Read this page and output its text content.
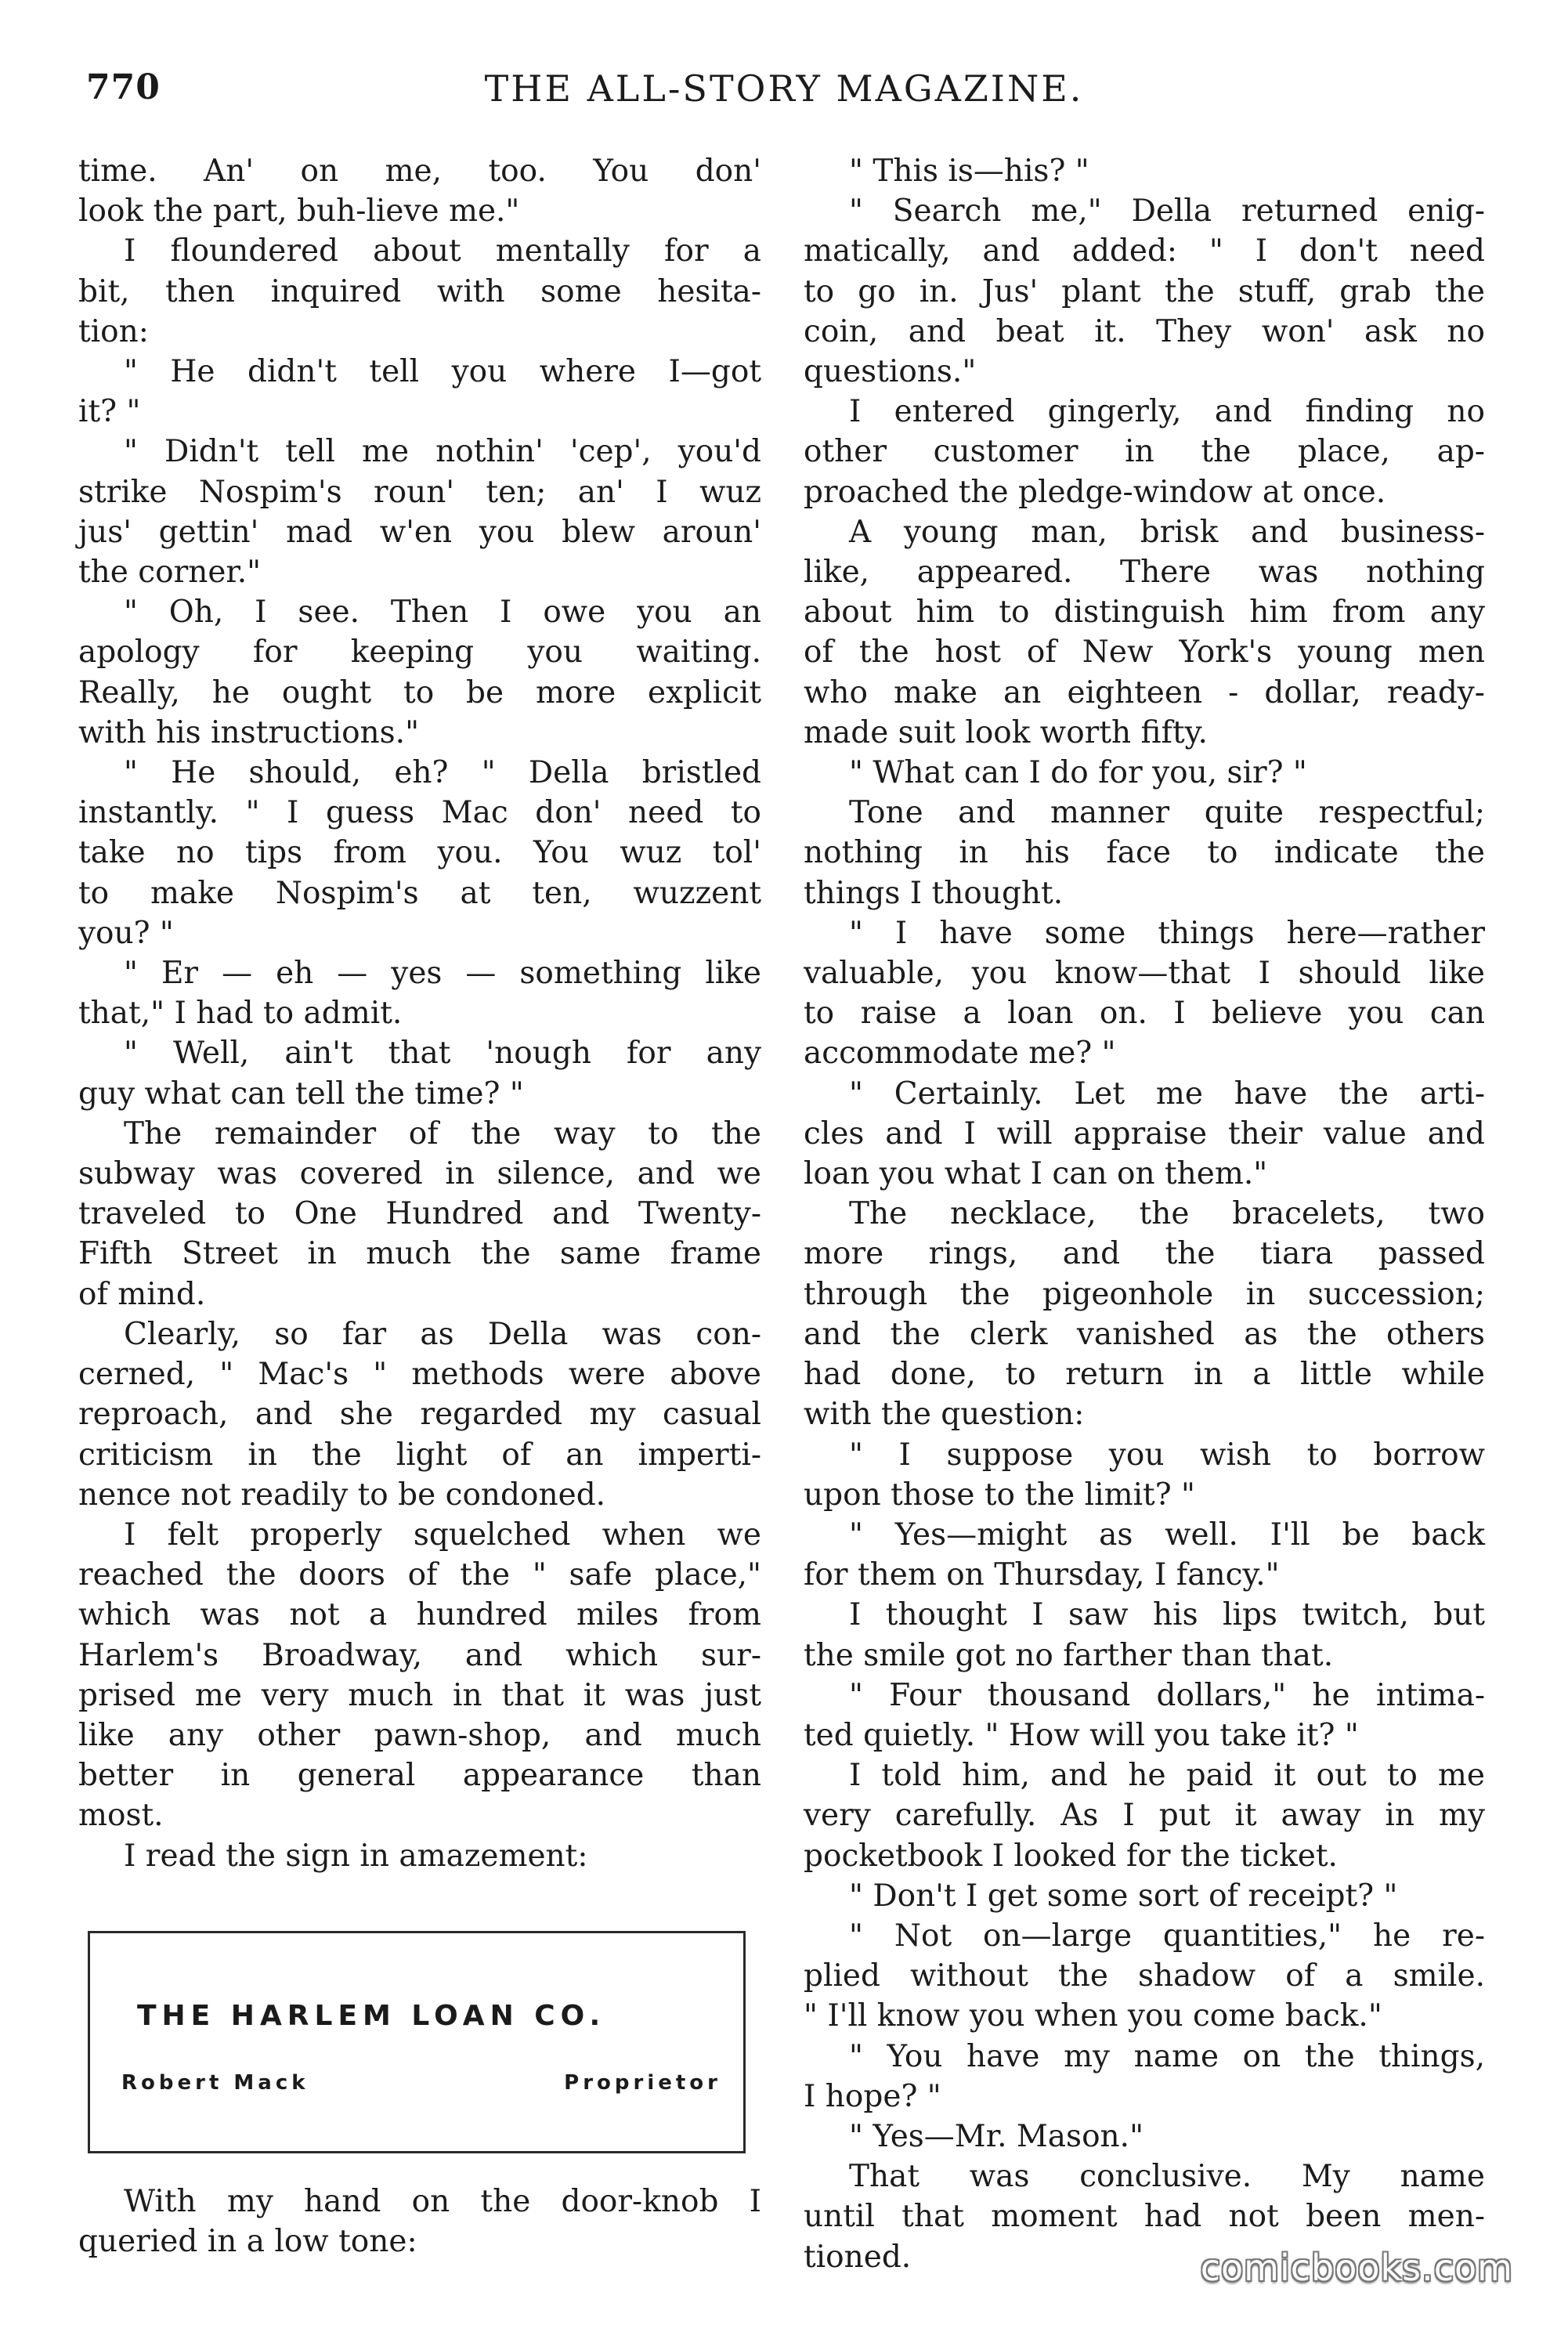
770	THE ALL-STORY MAGAZINE.
time. An' on me, too. You don'
look the part, buh-lieve me."
I floundered about mentally for a
bit, then inquired with some hesita-
tion:
" He didn't tell you where I—got
it? "
" Didn't tell me nothin' 'cep', you'd
strike Nospim's roun' ten; an' I wuz
jus' gettin' mad w'en you blew aroun'
the corner."
" Oh, I see. Then I owe you an
apology for keeping you waiting.
Really, he ought to be more explicit
with his instructions."
" He should, eh? " Della bristled
instantly. " I guess Mac don' need to
take no tips from you. You wuz tol'
to make Nospim's at ten, wuzzent
you? "
" Er — eh — yes — something like
that," I had to admit.
" Well, ain't that 'nough for any
guy what can tell the time? "
The remainder of the way to the
subway was covered in silence, and we
traveled to One Hundred and Twenty-
Fifth Street in much the same frame
of mind.
Clearly, so far as Della was con-
cerned, " Mac's " methods were above
reproach, and she regarded my casual
criticism in the light of an imperti-
nence not readily to be condoned.
I felt properly squelched when we
reached the doors of the " safe place,"
which was not a hundred miles from
Harlem's Broadway, and which sur-
prised me very much in that it was just
like any other pawn-shop, and much
better in general appearance than
most.
I read the sign in amazement:
THE HARLEM LOAN CO.
Robert Mack	Proprietor
With my hand on the door-knob I
queried in a low tone:
" This is—his? "
" Search me," Della returned enig-
matically, and added: " I don't need
to go in. Jus' plant the stuff, grab the
coin, and beat it. They won' ask no
questions."
I entered gingerly, and finding no
other customer in the place, ap-
proached the pledge-window at once.
A young man, brisk and business-
like, appeared. There was nothing
about him to distinguish him from any
of the host of New York's young men
who make an eighteen - dollar, ready-
made suit look worth fifty.
" What can I do for you, sir? "
Tone and manner quite respectful;
nothing in his face to indicate the
things I thought.
" I have some things here—rather
valuable, you know—that I should like
to raise a loan on. I believe you can
accommodate me? "
" Certainly. Let me have the arti-
cles and I will appraise their value and
loan you what I can on them."
The necklace, the bracelets, two
more rings, and the tiara passed
through the pigeonhole in succession;
and the clerk vanished as the others
had done, to return in a little while
with the question:
" I suppose you wish to borrow
upon those to the limit? "
" Yes—might as well. I'll be back
for them on Thursday, I fancy."
I thought I saw his lips twitch, but
the smile got no farther than that.
" Four thousand dollars," he intima-
ted quietly. " How will you take it? "
I told him, and he paid it out to me
very carefully. As I put it away in my
pocketbook I looked for the ticket.
" Don't I get some sort of receipt? "
" Not on—large quantities," he re-
plied without the shadow of a smile.
" I'll know you when you come back."
" You have my name on the things,
I hope? "
" Yes—Mr. Mason."
That was conclusive. My name
until that moment had not been men-
tioned.	comicbooks.com
